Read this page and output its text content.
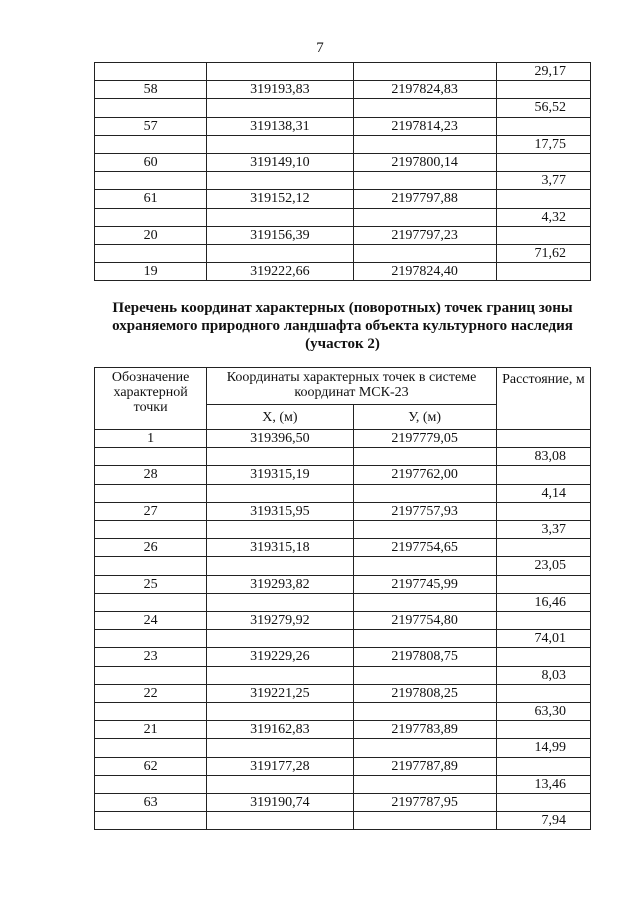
7
			29,17
58	319193,83	2197824,83	
			56,52
57	319138,31	2197814,23	
			17,75
60	319149,10	2197800,14	
			3,77
61	319152,12	2197797,88	
			4,32
20	319156,39	2197797,23	
			71,62
19	319222,66	2197824,40	
Перечень координат характерных (поворотных) точек границ зоны
охраняемого природного ландшафта объекта культурного наследия
(участок 2)
Обозначение характерной точки	Координаты характерных точек в системе координат МСК-23		Расстояние, м
	X, (м)	У, (м)	
1	319396,50	2197779,05	
			83,08
28	319315,19	2197762,00	
			4,14
27	319315,95	2197757,93	
			3,37
26	319315,18	2197754,65	
			23,05
25	319293,82	2197745,99	
			16,46
24	319279,92	2197754,80	
			74,01
23	319229,26	2197808,75	
			8,03
22	319221,25	2197808,25	
			63,30
21	319162,83	2197783,89	
			14,99
62	319177,28	2197787,89	
			13,46
63	319190,74	2197787,95	
			7,94
